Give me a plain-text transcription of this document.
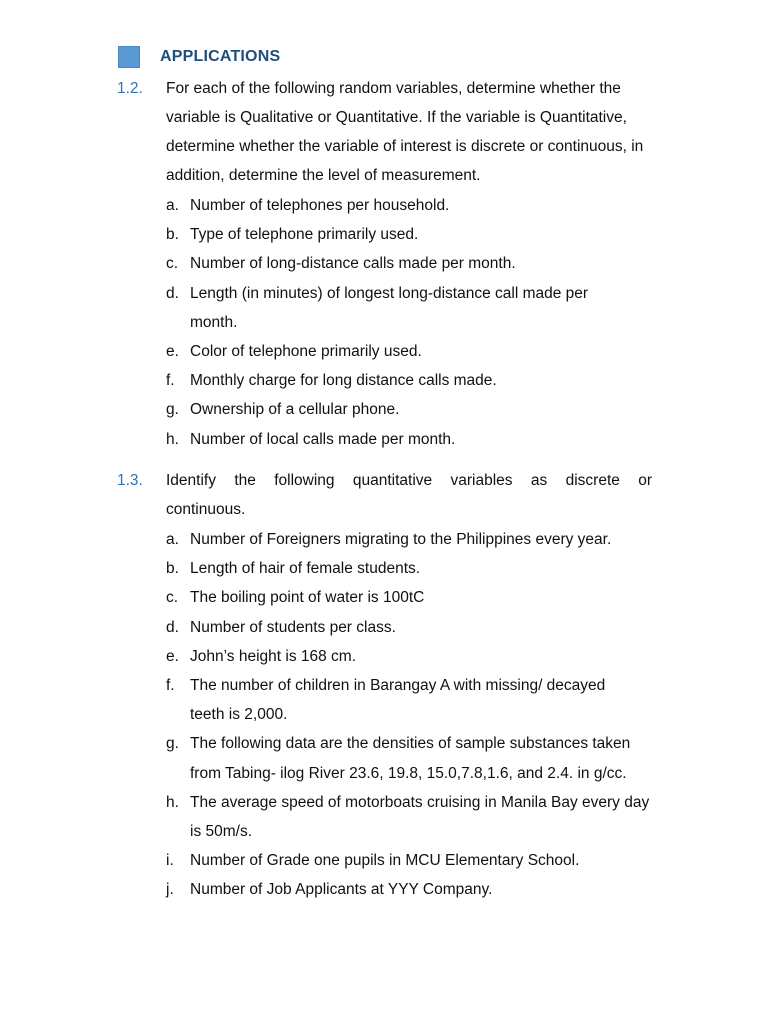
APPLICATIONS
1.2. For each of the following random variables, determine whether the variable is Qualitative or Quantitative. If the variable is Quantitative, determine whether the variable of interest is discrete or continuous, in addition, determine the level of measurement.
a. Number of telephones per household.
b. Type of telephone primarily used.
c. Number of long-distance calls made per month.
d. Length (in minutes) of longest long-distance call made per month.
e. Color of telephone primarily used.
f. Monthly charge for long distance calls made.
g. Ownership of a cellular phone.
h. Number of local calls made per month.
1.3. Identify the following quantitative variables as discrete or
continuous.
a. Number of Foreigners migrating to the Philippines every year.
b. Length of hair of female students.
c. The boiling point of water is 100tC
d. Number of students per class.
e. John’s height is 168 cm.
f. The number of children in Barangay A with missing/ decayed teeth is 2,000.
g. The following data are the densities of sample substances taken from Tabing- ilog River 23.6, 19.8, 15.0,7.8,1.6, and 2.4. in g/cc.
h. The average speed of motorboats cruising in Manila Bay every day is 50m/s.
i.	Number of Grade one pupils in MCU Elementary School.
j.	Number of Job Applicants at YYY Company.
